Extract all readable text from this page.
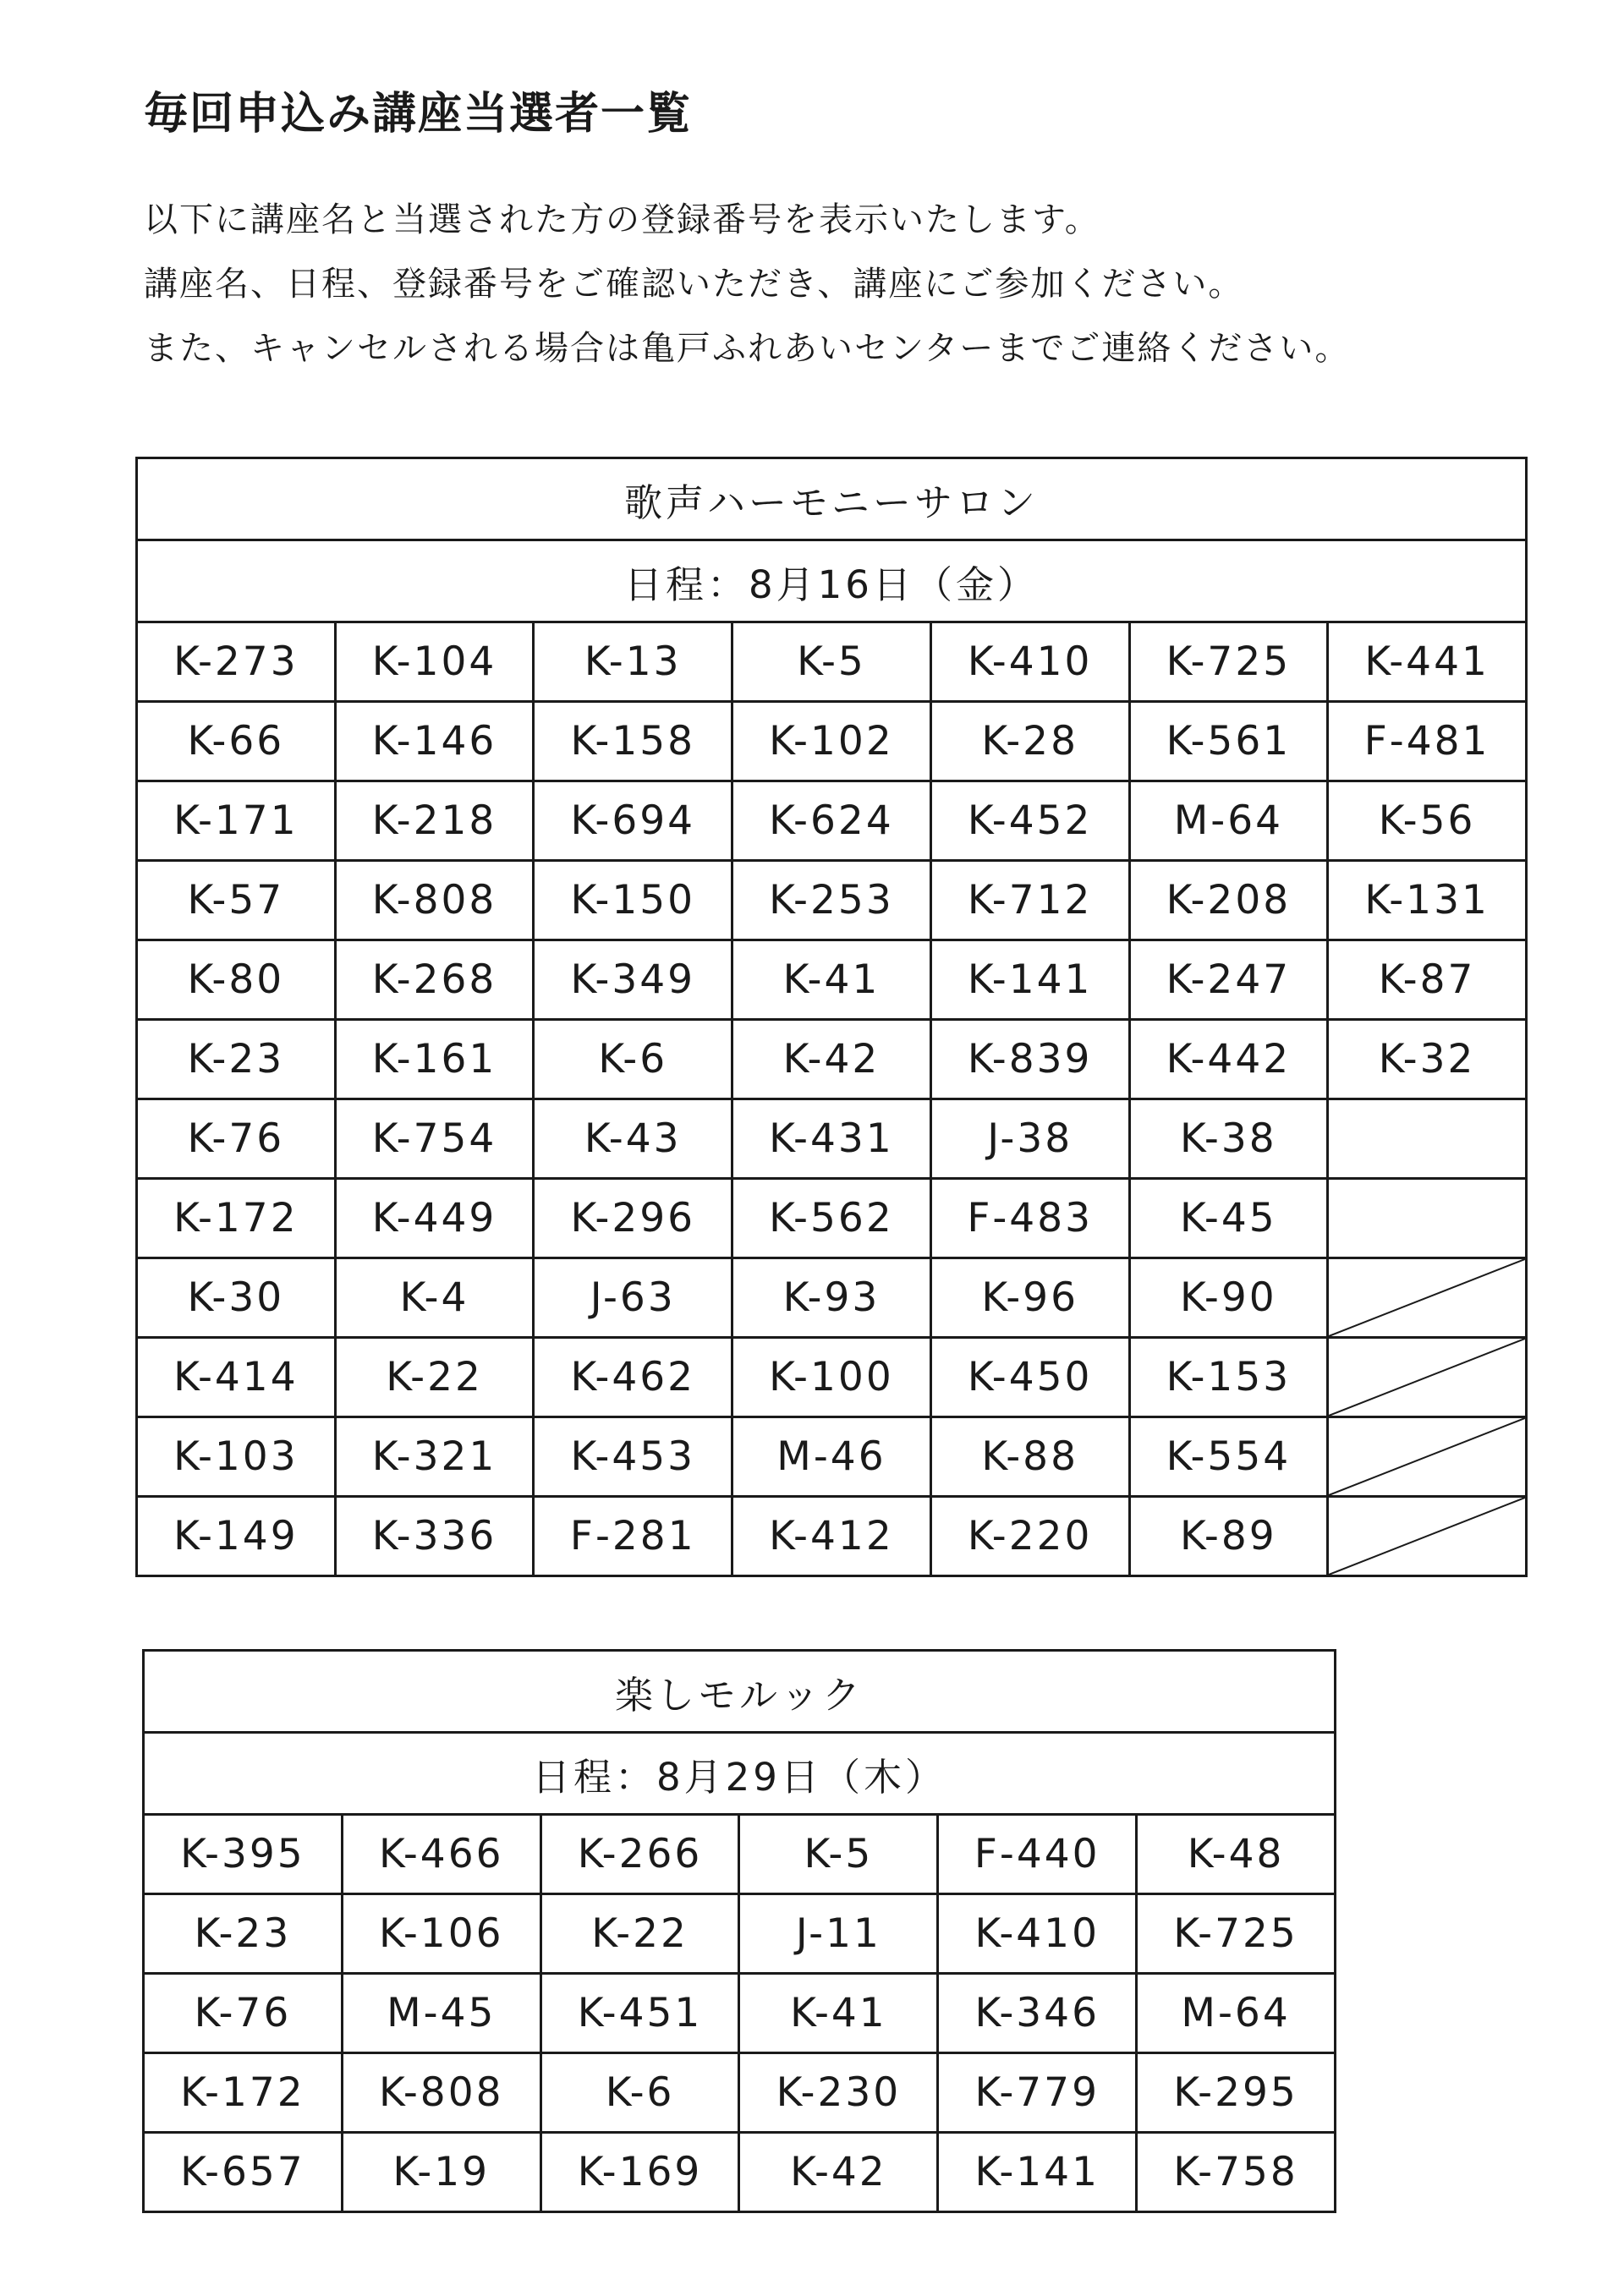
毎回申込み講座当選者一覧

以下に講座名と当選された方の登録番号を表示いたします。

講座名、日程、登録番号をご確認いただき、講座にご参加ください。

また、キャンセルされる場合は亀戸ふれあいセンターまでご連絡ください。

歌声ハーモニーサロン						
日程：8月16日（金）						
K-273	K-104	K-13	K-5	K-410	K-725	K-441
K-66	K-146	K-158	K-102	K-28	K-561	F-481
K-171	K-218	K-694	K-624	K-452	M-64	K-56
K-57	K-808	K-150	K-253	K-712	K-208	K-131
K-80	K-268	K-349	K-41	K-141	K-247	K-87
K-23	K-161	K-6	K-42	K-839	K-442	K-32
K-76	K-754	K-43	K-431	J-38	K-38	
K-172	K-449	K-296	K-562	F-483	K-45	
K-30	K-4	J-63	K-93	K-96	K-90	

K-414	K-22	K-462	K-100	K-450	K-153	

K-103	K-321	K-453	M-46	K-88	K-554	

K-149	K-336	F-281	K-412	K-220	K-89	
楽しモルック					
日程：8月29日（木）					
K-395	K-466	K-266	K-5	F-440	K-48
K-23	K-106	K-22	J-11	K-410	K-725
K-76	M-45	K-451	K-41	K-346	M-64
K-172	K-808	K-6	K-230	K-779	K-295
K-657	K-19	K-169	K-42	K-141	K-758
